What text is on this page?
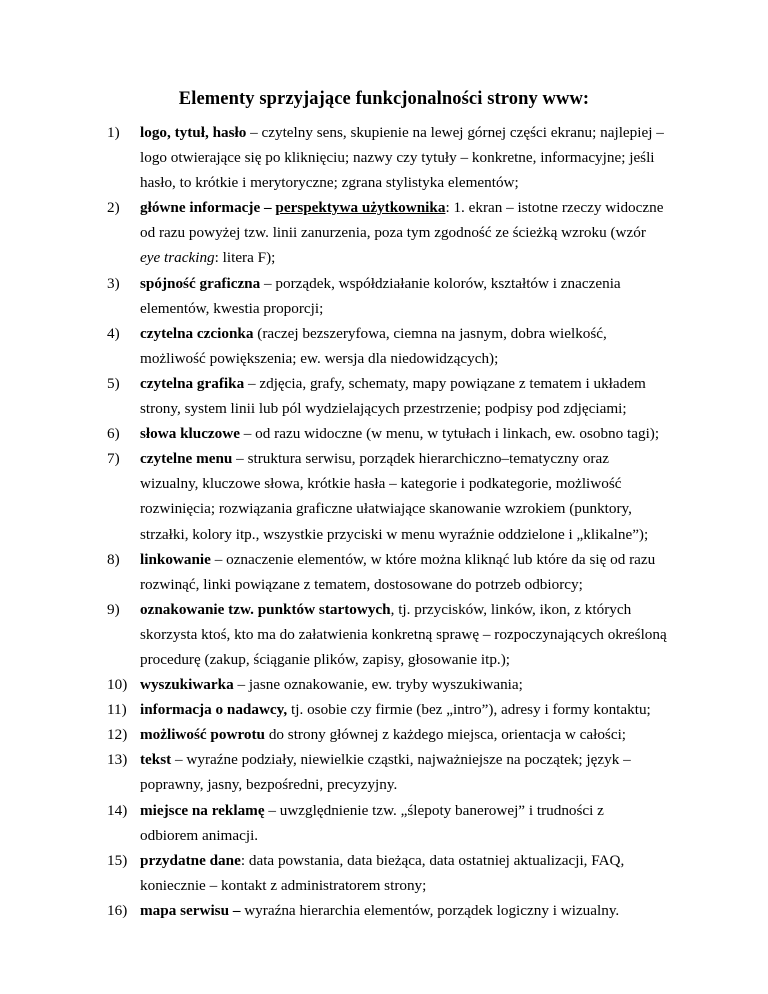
Elementy sprzyjające funkcjonalności strony www:
1) logo, tytuł, hasło – czytelny sens, skupienie na lewej górnej części ekranu; najlepiej –
logo otwierające się po kliknięciu; nazwy czy tytuły – konkretne, informacyjne; jeśli
hasło, to krótkie i merytoryczne; zgrana stylistyka elementów;
2) główne informacje – perspektywa użytkownika: 1. ekran – istotne rzeczy widoczne
od razu powyżej tzw. linii zanurzenia, poza tym zgodność ze ścieżką wzroku (wzór
eye tracking: litera F);
3) spójność graficzna – porządek, współdziałanie kolorów, kształtów i znaczenia
elementów, kwestia proporcji;
4) czytelna czcionka (raczej bezszeryfowa, ciemna na jasnym, dobra wielkość,
możliwość powiększenia; ew. wersja dla niedowidzących);
5) czytelna grafika – zdjęcia, grafy, schematy, mapy powiązane z tematem i układem
strony, system linii lub pól wydzielających przestrzenie; podpisy pod zdjęciami;
6) słowa kluczowe – od razu widoczne (w menu, w tytułach i linkach, ew. osobno tagi);
7) czytelne menu – struktura serwisu, porządek hierarchiczno–tematyczny oraz
wizualny, kluczowe słowa, krótkie hasła – kategorie i podkategorie, możliwość
rozwinięcia; rozwiązania graficzne ułatwiające skanowanie wzrokiem (punktory,
strzałki, kolory itp., wszystkie przyciski w menu wyraźnie oddzielone i „klikalne”);
8) linkowanie – oznaczenie elementów, w które można kliknąć lub które da się od razu
rozwinąć, linki powiązane z tematem, dostosowane do potrzeb odbiorcy;
9) oznakowanie tzw. punktów startowych, tj. przycisków, linków, ikon, z których
skorzysta ktoś, kto ma do załatwienia konkretną sprawę – rozpoczynających określoną
procedurę (zakup, ściąganie plików, zapisy, głosowanie itp.);
10) wyszukiwarka – jasne oznakowanie, ew. tryby wyszukiwania;
11) informacja o nadawcy, tj. osobie czy firmie (bez „intro”), adresy i formy kontaktu;
12) możliwość powrotu do strony głównej z każdego miejsca, orientacja w całości;
13) tekst – wyraźne podziały, niewielkie cząstki, najważniejsze na początek; język –
poprawny, jasny, bezpośredni, precyzyjny.
14) miejsce na reklamę – uwzględnienie tzw. „ślepoty banerowej” i trudności z
odbiorem animacji.
15) przydatne dane: data powstania, data bieżąca, data ostatniej aktualizacji, FAQ,
koniecznie – kontakt z administratorem strony;
16) mapa serwisu – wyraźna hierarchia elementów, porządek logiczny i wizualny.
